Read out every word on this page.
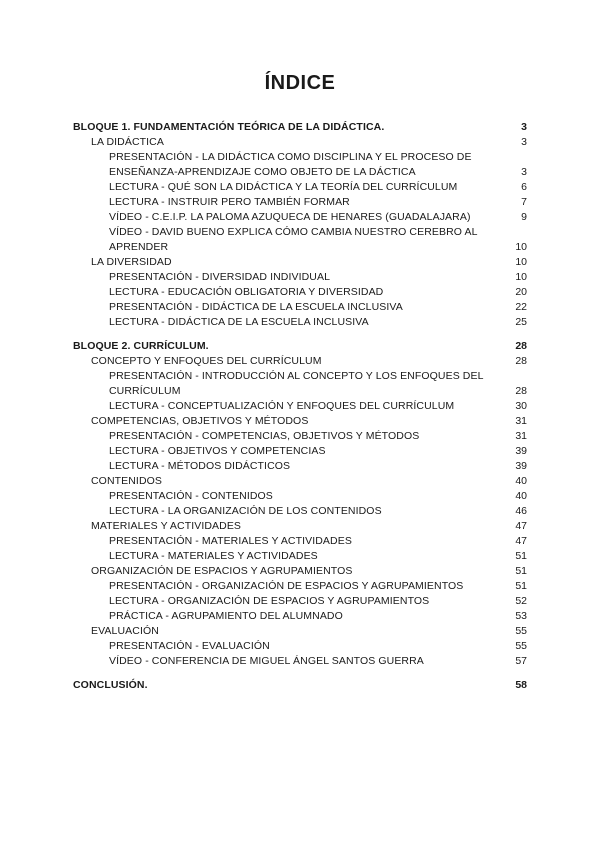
ÍNDICE
BLOQUE 1. FUNDAMENTACIÓN TEÓRICA DE LA DIDÁCTICA.	3
LA DIDÁCTICA	3
PRESENTACIÓN - LA DIDÁCTICA COMO DISCIPLINA Y EL PROCESO DE ENSEÑANZA-APRENDIZAJE COMO OBJETO DE LA DÁCTICA	3
LECTURA - QUÉ SON LA DIDÁCTICA Y LA TEORÍA DEL CURRÍCULUM	6
LECTURA - INSTRUIR PERO TAMBIÉN FORMAR	7
VÍDEO - C.E.I.P. LA PALOMA AZUQUECA DE HENARES (GUADALAJARA)	9
VÍDEO - DAVID BUENO EXPLICA CÓMO CAMBIA NUESTRO CEREBRO AL APRENDER	10
LA DIVERSIDAD	10
PRESENTACIÓN - DIVERSIDAD INDIVIDUAL	10
LECTURA - EDUCACIÓN OBLIGATORIA Y DIVERSIDAD	20
PRESENTACIÓN - DIDÁCTICA DE LA ESCUELA INCLUSIVA	22
LECTURA - DIDÁCTICA DE LA ESCUELA INCLUSIVA	25
BLOQUE 2. CURRÍCULUM.	28
CONCEPTO Y ENFOQUES DEL CURRÍCULUM	28
PRESENTACIÓN - INTRODUCCIÓN AL CONCEPTO Y LOS ENFOQUES DEL CURRÍCULUM	28
LECTURA - CONCEPTUALIZACIÓN Y ENFOQUES DEL CURRÍCULUM	30
COMPETENCIAS, OBJETIVOS Y MÉTODOS	31
PRESENTACIÓN - COMPETENCIAS, OBJETIVOS Y MÉTODOS	31
LECTURA - OBJETIVOS Y COMPETENCIAS	39
LECTURA - MÉTODOS DIDÁCTICOS	39
CONTENIDOS	40
PRESENTACIÓN - CONTENIDOS	40
LECTURA - LA ORGANIZACIÓN DE LOS CONTENIDOS	46
MATERIALES Y ACTIVIDADES	47
PRESENTACIÓN - MATERIALES Y ACTIVIDADES	47
LECTURA - MATERIALES Y ACTIVIDADES	51
ORGANIZACIÓN DE ESPACIOS Y AGRUPAMIENTOS	51
PRESENTACIÓN - ORGANIZACIÓN DE ESPACIOS Y AGRUPAMIENTOS	51
LECTURA - ORGANIZACIÓN DE ESPACIOS Y AGRUPAMIENTOS	52
PRÁCTICA - AGRUPAMIENTO DEL ALUMNADO	53
EVALUACIÓN	55
PRESENTACIÓN - EVALUACIÓN	55
VÍDEO - CONFERENCIA DE MIGUEL ÁNGEL SANTOS GUERRA	57
CONCLUSIÓN.	58
